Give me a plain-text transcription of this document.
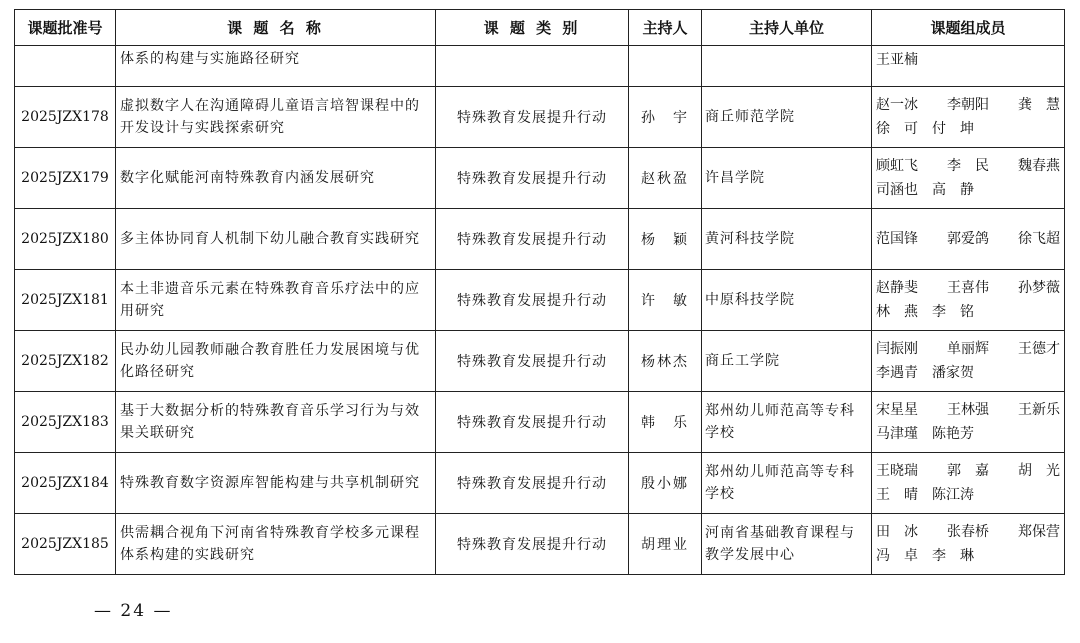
课题批准号	课 题 名 称	课 题 类 别	主持人	主持人单位	课题组成员
	体系的构建与实施路径研究				王亚楠

2025JZX178	虚拟数字人在沟通障碍儿童语言培智课程中的开发设计与实践探索研究	特殊教育发展提升行动	孙　宇	商丘师范学院	赵一冰 李朝阳 龚　慧
徐　可 付　坤

2025JZX179	数字化赋能河南特殊教育内涵发展研究	特殊教育发展提升行动	赵秋盈	许昌学院	顾虹飞 李　民 魏春燕
司涵也 高　静

2025JZX180	多主体协同育人机制下幼儿融合教育实践研究	特殊教育发展提升行动	杨　颖	黄河科技学院	范国锋 郭爱鸽 徐飞超

2025JZX181	本土非遗音乐元素在特殊教育音乐疗法中的应用研究	特殊教育发展提升行动	许　敏	中原科技学院	赵静斐 王喜伟 孙梦薇
林　燕 李　铭

2025JZX182	民办幼儿园教师融合教育胜任力发展困境与优化路径研究	特殊教育发展提升行动	杨林杰	商丘工学院	闫振刚 单丽辉 王德才
李遇青 潘家贺

2025JZX183	基于大数据分析的特殊教育音乐学习行为与效果关联研究	特殊教育发展提升行动	韩　乐	郑州幼儿师范高等专科学校	宋星星 王林强 王新乐
马津瑾 陈艳芳

2025JZX184	特殊教育数字资源库智能构建与共享机制研究	特殊教育发展提升行动	殷小娜	郑州幼儿师范高等专科学校	王晓瑞 郭　嘉 胡　光
王　晴 陈江涛

2025JZX185	供需耦合视角下河南省特殊教育学校多元课程体系构建的实践研究	特殊教育发展提升行动	胡理业	河南省基础教育课程与教学发展中心	田　冰 张春桥 郑保营
冯　卓 李　琳
— 24 —
